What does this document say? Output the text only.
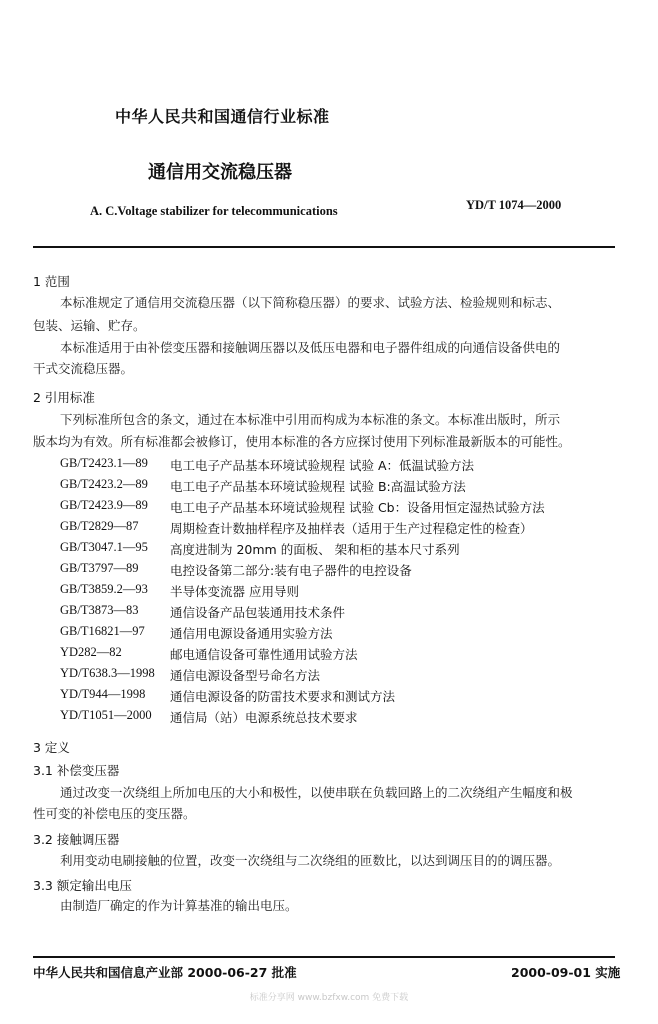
中华人民共和国通信行业标准
通信用交流稳压器
A. C.Voltage stabilizer for telecommunications	YD/T 1074—2000
1 范围
本标准规定了通信用交流稳压器（以下简称稳压器）的要求、试验方法、检验规则和标志、
包装、运输、贮存。
本标准适用于由补偿变压器和接触调压器以及低压电器和电子器件组成的向通信设备供电的
干式交流稳压器。
2 引用标准
下列标准所包含的条文，通过在本标准中引用而构成为本标准的条文。本标准出版时，所示
版本均为有效。所有标准都会被修订，使用本标准的各方应探讨使用下列标准最新版本的可能性。
GB/T2423.1—89 电工电子产品基本环境试验规程 试验 A：低温试验方法
GB/T2423.2—89 电工电子产品基本环境试验规程 试验 B:高温试验方法
GB/T2423.9—89 电工电子产品基本环境试验规程 试验 Cb：设备用恒定湿热试验方法
GB/T2829—87	周期检查计数抽样程序及抽样表（适用于生产过程稳定性的检查）
GB/T3047.1—95 高度进制为 20mm 的面板、 架和柜的基本尺寸系列
GB/T3797—89	电控设备第二部分:装有电子器件的电控设备
GB/T3859.2—93 半导体变流器 应用导则
GB/T3873—83	通信设备产品包装通用技术条件
GB/T16821—97 通信用电源设备通用实验方法
YD282—82	邮电通信设备可靠性通用试验方法
YD/T638.3—1998 通信电源设备型号命名方法
YD/T944—1998 通信电源设备的防雷技术要求和测试方法
YD/T1051—2000 通信局（站）电源系统总技术要求
3 定义
3.1 补偿变压器
通过改变一次绕组上所加电压的大小和极性，以使串联在负载回路上的二次绕组产生幅度和极
性可变的补偿电压的变压器。
3.2 接触调压器
利用变动电刷接触的位置，改变一次绕组与二次绕组的匝数比，以达到调压目的的调压器。
3.3 额定输出电压
由制造厂确定的作为计算基准的输出电压。
中华人民共和国信息产业部 2000-06-27 批准	2000-09-01 实施
标准分享网 www.bzfxw.com 免费下载
